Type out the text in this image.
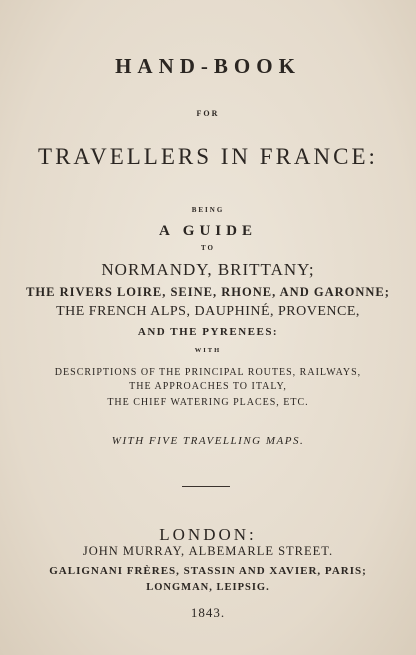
HAND-BOOK
FOR
TRAVELLERS IN FRANCE:
BEING
A GUIDE
TO
NORMANDY, BRITTANY;
THE RIVERS LOIRE, SEINE, RHONE, AND GARONNE;
THE FRENCH ALPS, DAUPHINÉ, PROVENCE,
AND THE PYRENEES:
WITH
DESCRIPTIONS OF THE PRINCIPAL ROUTES, RAILWAYS,
THE APPROACHES TO ITALY,
THE CHIEF WATERING PLACES, ETC.
WITH FIVE TRAVELLING MAPS.
LONDON:
JOHN MURRAY, ALBEMARLE STREET.
GALIGNANI FRÈRES, STASSIN AND XAVIER, PARIS;
LONGMAN, LEIPSIG.
1843.
